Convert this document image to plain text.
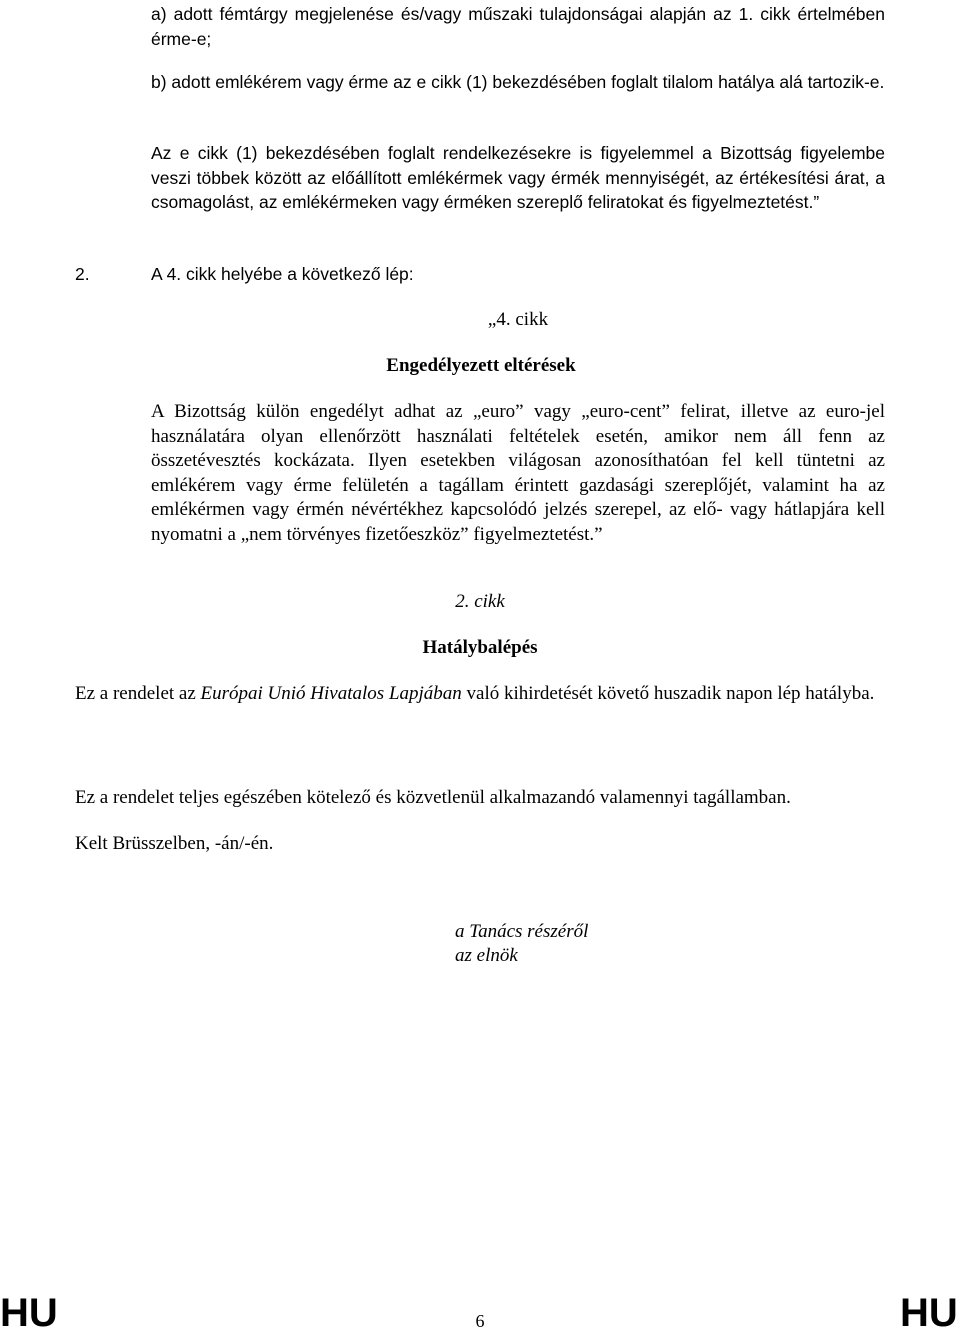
a) adott fémtárgy megjelenése és/vagy műszaki tulajdonságai alapján az 1. cikk értelmében érme-e;
b) adott emlékérem vagy érme az e cikk (1) bekezdésében foglalt tilalom hatálya alá tartozik-e.
Az e cikk (1) bekezdésében foglalt rendelkezésekre is figyelemmel a Bizottság figyelembe veszi többek között az előállított emlékérmek vagy érmék mennyiségét, az értékesítési árat, a csomagolást, az emlékérmeken vagy érméken szereplő feliratokat és figyelmeztetést.”
2.	A 4. cikk helyébe a következő lép:
„4. cikk
Engedélyezett eltérések
A Bizottság külön engedélyt adhat az „euro” vagy „euro-cent” felirat, illetve az euro-jel használatára olyan ellenőrzött használati feltételek esetén, amikor nem áll fenn az összetévesztés kockázata. Ilyen esetekben világosan azonosíthatóan fel kell tüntetni az emlékérem vagy érme felületén a tagállam érintett gazdasági szereplőjét, valamint ha az emlékérmen vagy érmén névértékhez kapcsolódó jelzés szerepel, az elő- vagy hátlapjára kell nyomatni a „nem törvényes fizetőeszköz” figyelmeztetést.”
2. cikk
Hatálybalépés
Ez a rendelet az Európai Unió Hivatalos Lapjában való kihirdetését követő huszadik napon lép hatályba.
Ez a rendelet teljes egészében kötelező és közvetlenül alkalmazandó valamennyi tagállamban.
Kelt Brüsszelben, -án/-én.
a Tanács részéről
az elnök
HU	6	HU
